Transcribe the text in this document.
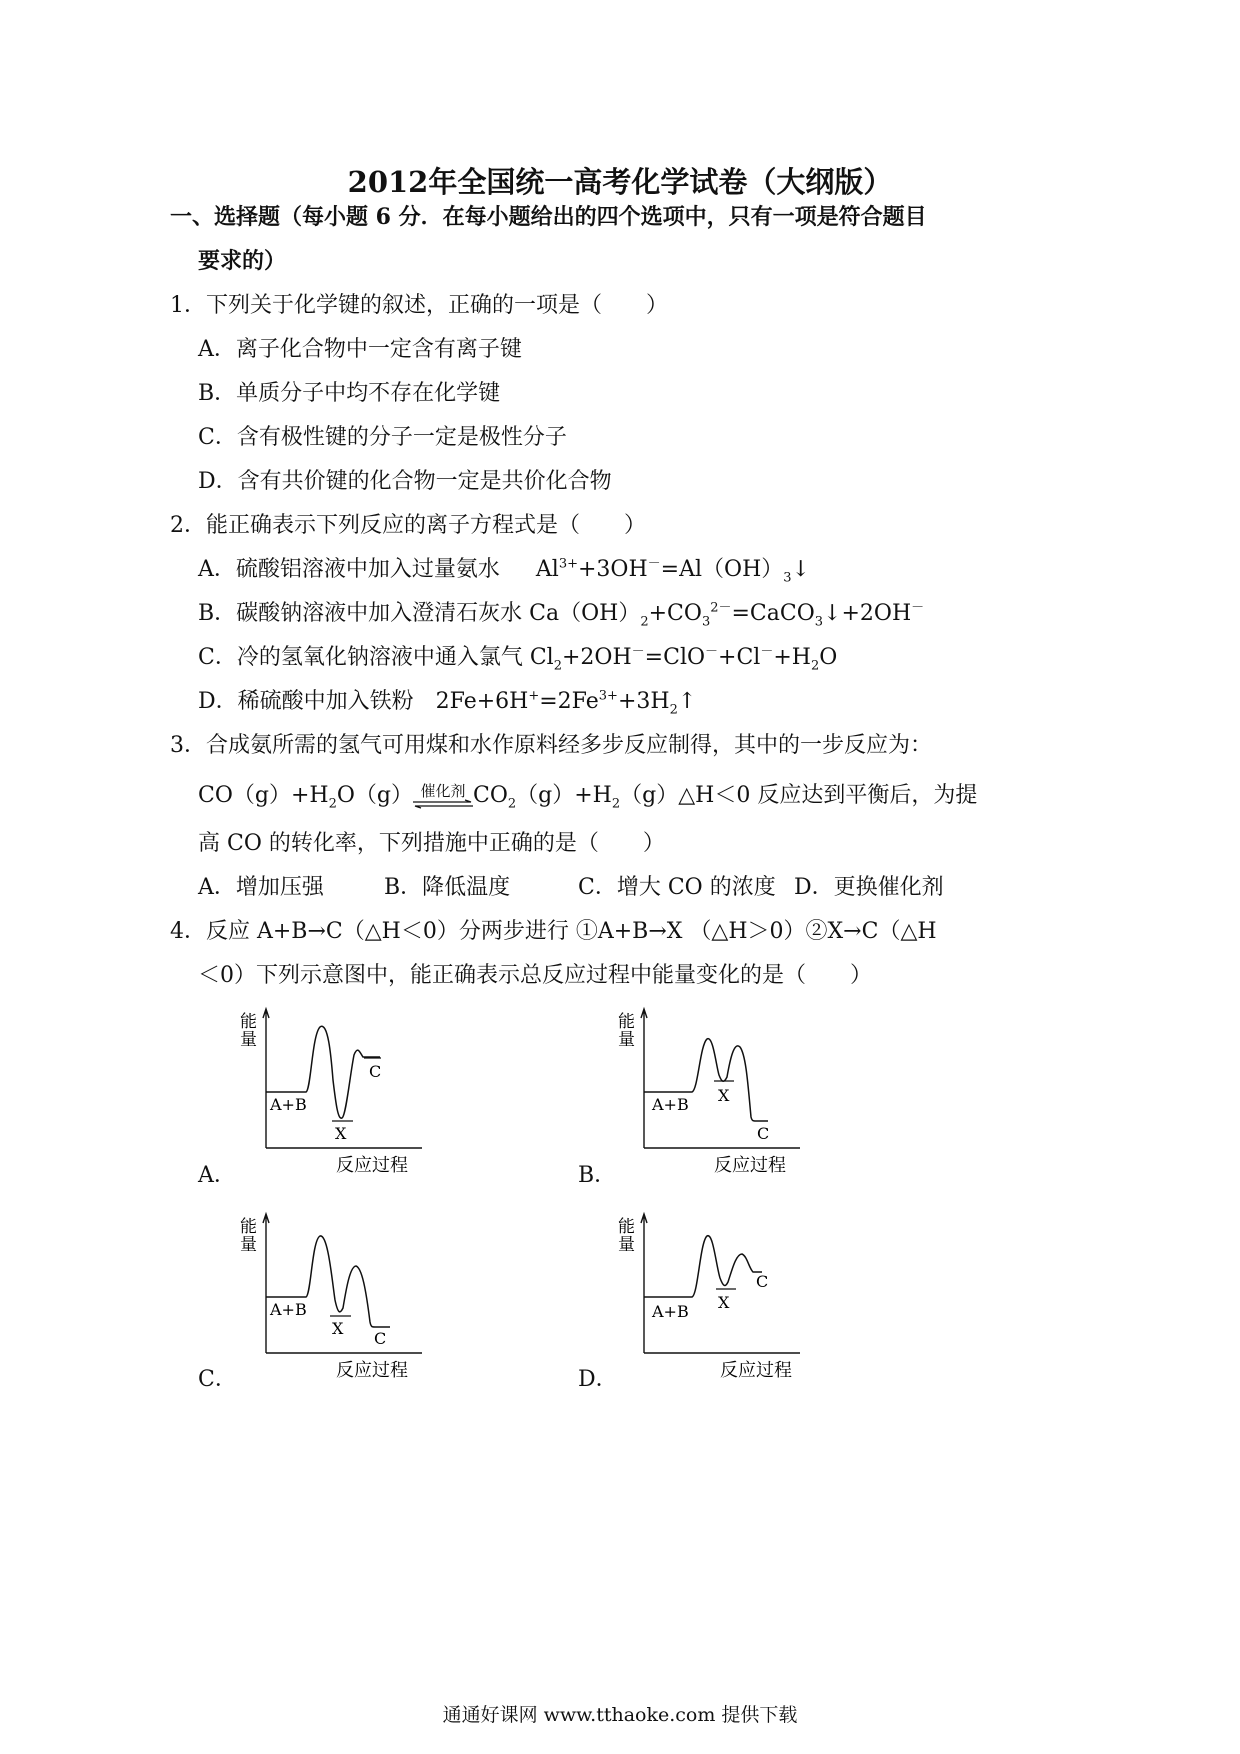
2012年全国统一高考化学试卷（大纲版）
一、选择题（每小题 6 分．在每小题给出的四个选项中，只有一项是符合题目
要求的）
1．下列关于化学键的叙述，正确的一项是（　　）
A．离子化合物中一定含有离子键
B．单质分子中均不存在化学键
C．含有极性键的分子一定是极性分子
D．含有共价键的化合物一定是共价化合物
2．能正确表示下列反应的离子方程式是（　　）
A．硫酸铝溶液中加入过量氨水 $Al^{3+}+3OH^-=Al(OH)_3↓$
B．碳酸钠溶液中加入澄清石灰水 $Ca(OH)_2+CO_3^{2-}=CaCO_3↓+2OH^-$
C．冷的氢氧化钠溶液中通入氯气 $Cl_2+2OH^-=ClO^-+Cl^-+H_2O$
D．稀硫酸中加入铁粉 $2Fe+6H^+=2Fe^{3+}+3H_2↑$
3．合成氨所需的氢气可用煤和水作原料经多步反应制得，其中的一步反应为：
$CO(g)+H_2O(g)$ 催化剂 $CO_2(g)+H_2(g)\triangle H<0$ 反应达到平衡后，为提
高 CO 的转化率，下列措施中正确的是（　　）
A．增加压强	B．降低温度	C．增大 CO 的浓度 D．更换催化剂
4．反应 A+B→C（△H＜0）分两步进行 ①A+B→X （△H＞0）②X→C（△H
＜0）下列示意图中，能正确表示总反应过程中能量变化的是（　　）
能
量
A+B
X
C
反应过程
A．
能
量
A+B X
C
反应过程
B．
能
量
A+B
X
C
反应过程
C．
能
量
A+B X
C
反应过程
D．
通通好课网 www.tthaoke.com 提供下载
